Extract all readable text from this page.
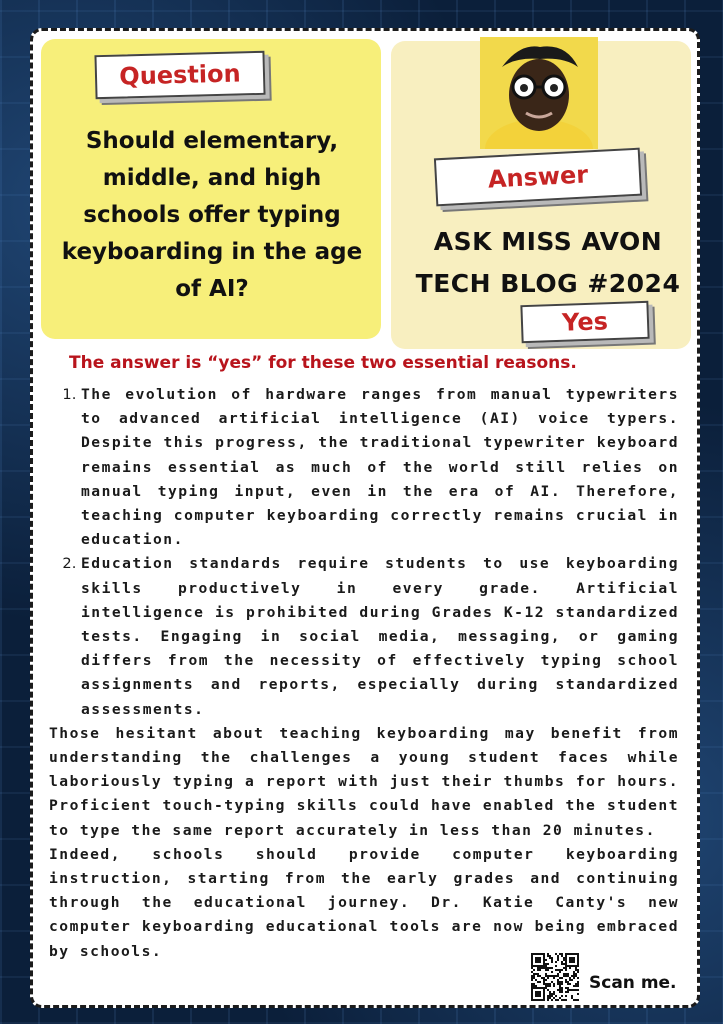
Question
Should elementary, middle, and high schools offer typing keyboarding in the age of AI?
Answer
ASK MISS AVON
TECH BLOG #2024
Yes
The answer is “yes” for these two essential reasons.
1. The evolution of hardware ranges from manual typewriters to advanced artificial intelligence (AI) voice typers. Despite this progress, the traditional typewriter keyboard remains essential as much of the world still relies on manual typing input, even in the era of AI. Therefore, teaching computer keyboarding correctly remains crucial in education.
2. Education standards require students to use keyboarding skills productively in every grade. Artificial intelligence is prohibited during Grades K-12 standardized tests. Engaging in social media, messaging, or gaming differs from the necessity of effectively typing school assignments and reports, especially during standardized assessments.

Those hesitant about teaching keyboarding may benefit from understanding the challenges a young student faces while laboriously typing a report with just their thumbs for hours. Proficient touch-typing skills could have enabled the student to type the same report accurately in less than 20 minutes.

Indeed, schools should provide computer keyboarding instruction, starting from the early grades and continuing through the educational journey. Dr. Katie Canty's new computer keyboarding educational tools are now being embraced by schools.

Scan me.
